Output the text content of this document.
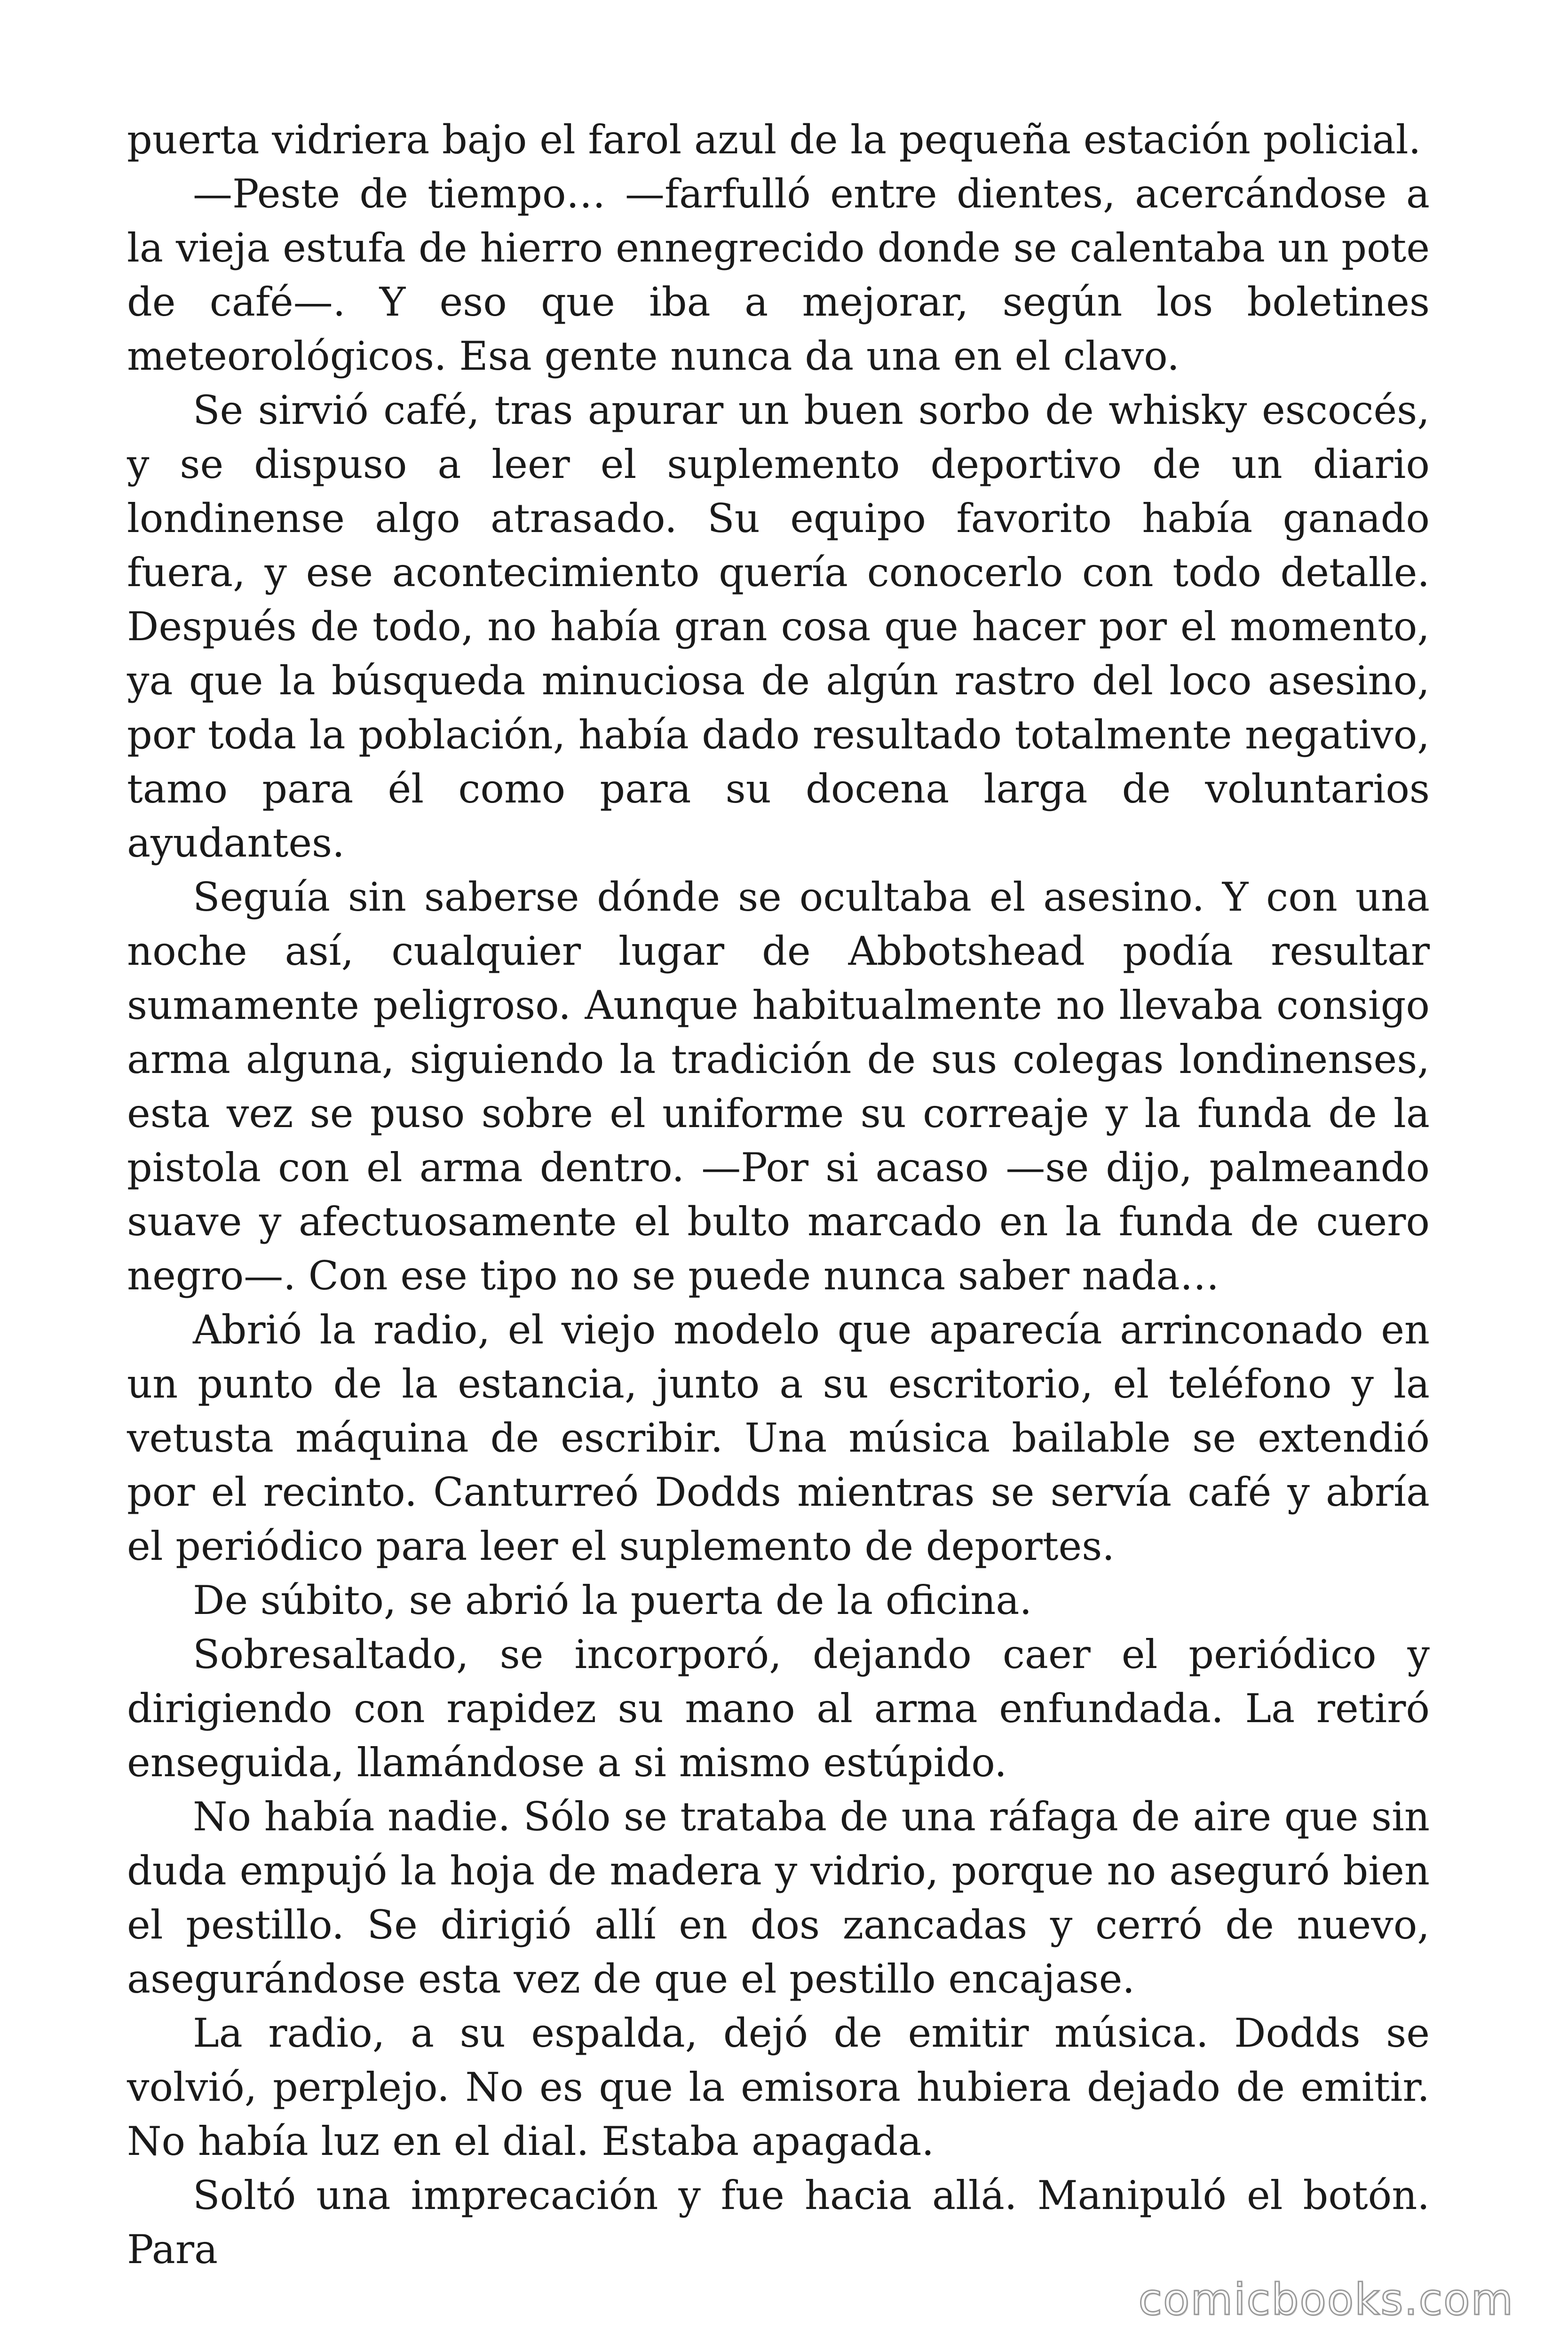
puerta vidriera bajo el farol azul de la pequeña estación policial.

—Peste de tiempo… —farfulló entre dientes, acercándose a la vieja estufa de hierro ennegrecido donde se calentaba un pote de café—. Y eso que iba a mejorar, según los boletines meteorológicos. Esa gente nunca da una en el clavo.

Se sirvió café, tras apurar un buen sorbo de whisky escocés, y se dispuso a leer el suplemento deportivo de un diario londinense algo atrasado. Su equipo favorito había ganado fuera, y ese acontecimiento quería conocerlo con todo detalle. Después de todo, no había gran cosa que hacer por el momento, ya que la búsqueda minuciosa de algún rastro del loco asesino, por toda la población, había dado resultado totalmente negativo, tamo para él como para su docena larga de voluntarios ayudantes.

Seguía sin saberse dónde se ocultaba el asesino. Y con una noche así, cualquier lugar de Abbotshead podía resultar sumamente peligroso. Aunque habitualmente no llevaba consigo arma alguna, siguiendo la tradición de sus colegas londinenses, esta vez se puso sobre el uniforme su correaje y la funda de la pistola con el arma dentro. —Por si acaso —se dijo, palmeando suave y afectuosamente el bulto marcado en la funda de cuero negro—. Con ese tipo no se puede nunca saber nada…

Abrió la radio, el viejo modelo que aparecía arrinconado en un punto de la estancia, junto a su escritorio, el teléfono y la vetusta máquina de escribir. Una música bailable se extendió por el recinto. Canturreó Dodds mientras se servía café y abría el periódico para leer el suplemento de deportes.

De súbito, se abrió la puerta de la oficina.

Sobresaltado, se incorporó, dejando caer el periódico y dirigiendo con rapidez su mano al arma enfundada. La retiró enseguida, llamándose a si mismo estúpido.

No había nadie. Sólo se trataba de una ráfaga de aire que sin duda empujó la hoja de madera y vidrio, porque no aseguró bien el pestillo. Se dirigió allí en dos zancadas y cerró de nuevo, asegurándose esta vez de que el pestillo encajase.

La radio, a su espalda, dejó de emitir música. Dodds se volvió, perplejo. No es que la emisora hubiera dejado de emitir. No había luz en el dial. Estaba apagada.

Soltó una imprecación y fue hacia allá. Manipuló el botón. Para

comicbooks.com
